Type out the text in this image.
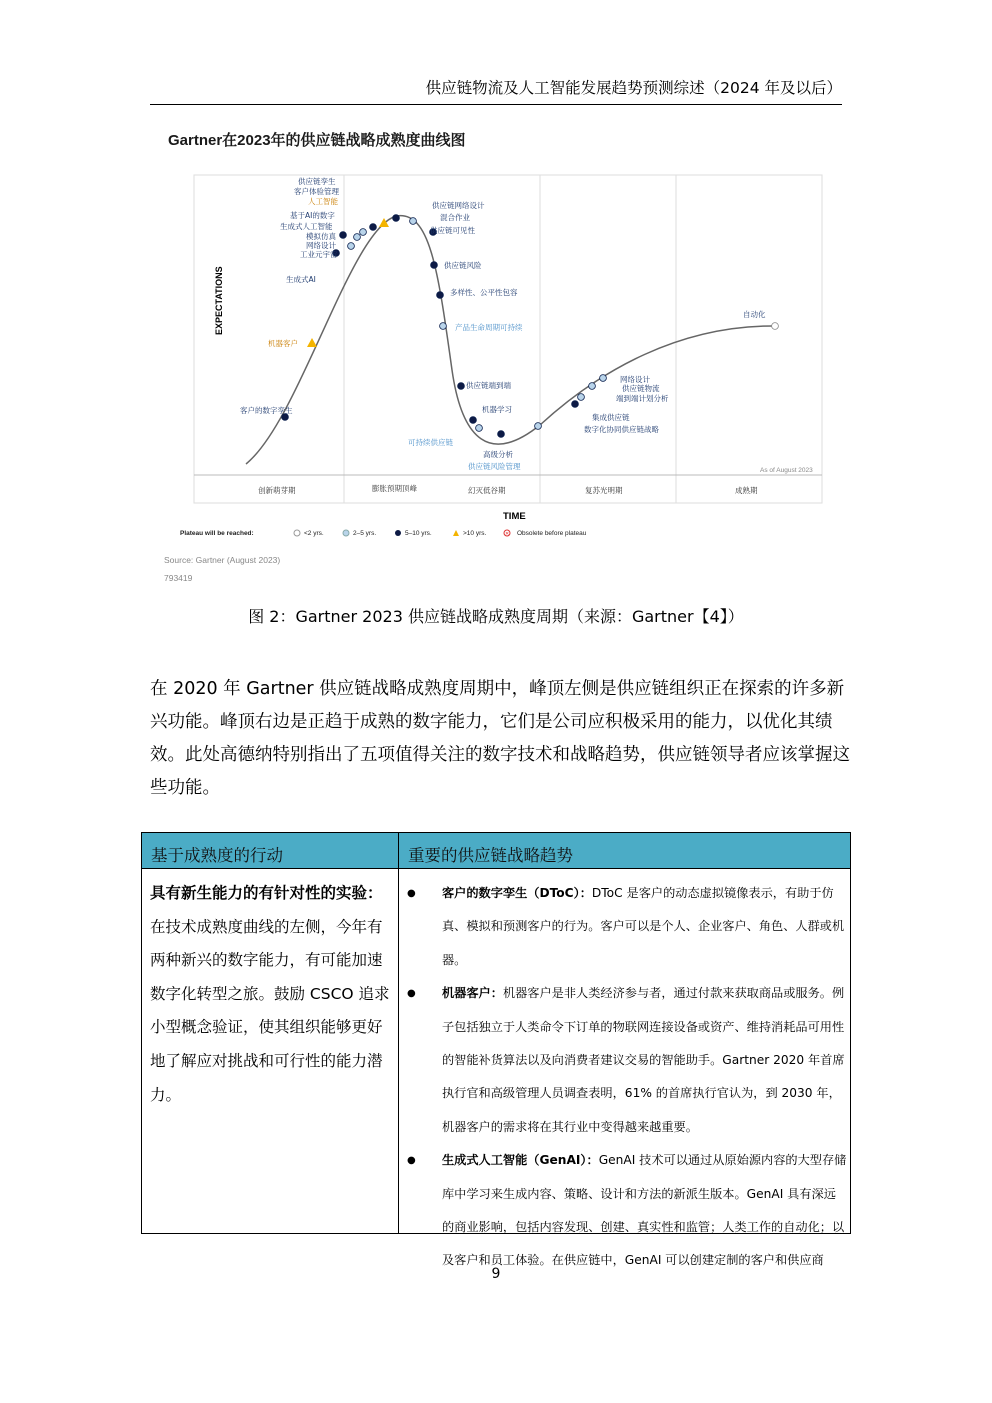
供应链物流及人工智能发展趋势预测综述（2024 年及以后）
Gartner在2023年的供应链战略成熟度曲线图
EXPECTATIONS
TIME
As of August 2023
创新萌芽期	膨胀预期顶峰	幻灭低谷期	复苏光明期	成熟期
供应链孪生
客户体验管理
人工智能
基于AI的数字
生成式人工智能
模拟仿真
网络设计
工业元宇宙
生成式AI
机器客户
客户的数字孪生
供应链网络设计
混合作业
供应链可见性
供应链风险
多样性、公平性包容
产品生命周期可持续
供应链端到端
机器学习
可持续供应链
高级分析
供应链风险管理
网络设计
供应链物流
端到端计划分析
集成供应链
数字化协同供应链战略
自动化
Plateau will be reached:	<2 yrs.	2–5 yrs.	5–10 yrs.	>10 yrs.	✕ Obsolete before plateau
Source: Gartner (August 2023)
793419
图 2：Gartner 2023 供应链战略成熟度周期（来源：Gartner【4】）
在 2020 年 Gartner 供应链战略成熟度周期中，峰顶左侧是供应链组织正在探索的许多新兴功能。峰顶右边是正趋于成熟的数字能力，它们是公司应积极采用的能力，以优化其绩效。此处高德纳特别指出了五项值得关注的数字技术和战略趋势，供应链领导者应该掌握这些功能。
基于成熟度的行动	重要的供应链战略趋势
具有新生能力的有针对性的实验：在技术成熟度曲线的左侧，今年有两种新兴的数字能力，有可能加速数字化转型之旅。鼓励 CSCO 追求小型概念验证，使其组织能够更好地了解应对挑战和可行性的能力潜力。
● 客户的数字孪生（DToC）：DToC 是客户的动态虚拟镜像表示，有助于仿真、模拟和预测客户的行为。客户可以是个人、企业客户、角色、人群或机器。
● 机器客户：机器客户是非人类经济参与者，通过付款来获取商品或服务。例子包括独立于人类命令下订单的物联网连接设备或资产、维持消耗品可用性的智能补货算法以及向消费者建议交易的智能助手。Gartner 2020 年首席执行官和高级管理人员调查表明，61% 的首席执行官认为，到 2030 年，机器客户的需求将在其行业中变得越来越重要。
● 生成式人工智能（GenAI）：GenAI 技术可以通过从原始源内容的大型存储库中学习来生成内容、策略、设计和方法的新派生版本。GenAI 具有深远的商业影响，包括内容发现、创建、真实性和监管；人类工作的自动化；以及客户和员工体验。在供应链中，GenAI 可以创建定制的客户和供应商
9
